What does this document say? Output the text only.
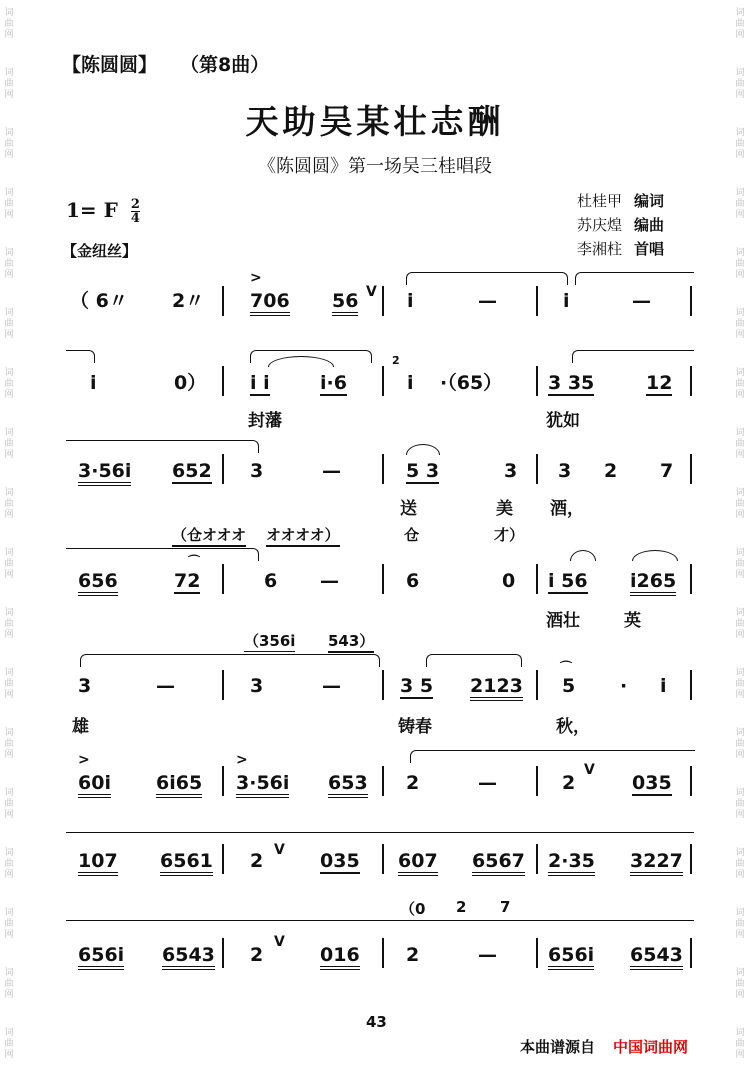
词曲网
词曲网
词曲网
词曲网
词曲网
词曲网
词曲网
词曲网
词曲网
词曲网
词曲网
词曲网
词曲网
词曲网
词曲网
词曲网
词曲网
词曲网
词曲网
词曲网
词曲网
词曲网
词曲网
词曲网
词曲网
词曲网
词曲网
词曲网
词曲网
词曲网
词曲网
词曲网
词曲网
词曲网
词曲网
词曲网
【陈圆圆】 （第8曲）
天助吴某壮志酬
《陈圆圆》第一场吴三桂唱段
杜桂甲 编词
苏庆煌 编曲
李湘柱 首唱
1= F $\frac{2}{4}$
【金纽丝】
>
（ 6〃 2〃 706 56 V i	—	i	—
i	0） i i	i·6
2̇
i ·（65） 3 35	12
封藩	犹如
3·56i 652 3	—	5 3	3 3 2 7
送	美 酒，
（仓オオオ オオオオ）	仓	才）
656
⌒
72	6 —	6	0 i 56 i265
酒壮	英
（356i 543）
3	—	3	—	3 5 2123
⌒
5 · i
雄	铸春	秋，
>	>
60i 6i65 3·56i 653 2	—	2
V
035
107 6561 2 V 035 607 6567 2·35 3227
（0 2 7
656i 6543 2
V
016 2	—	656i 6543
43
本曲谱源自 中国词曲网
